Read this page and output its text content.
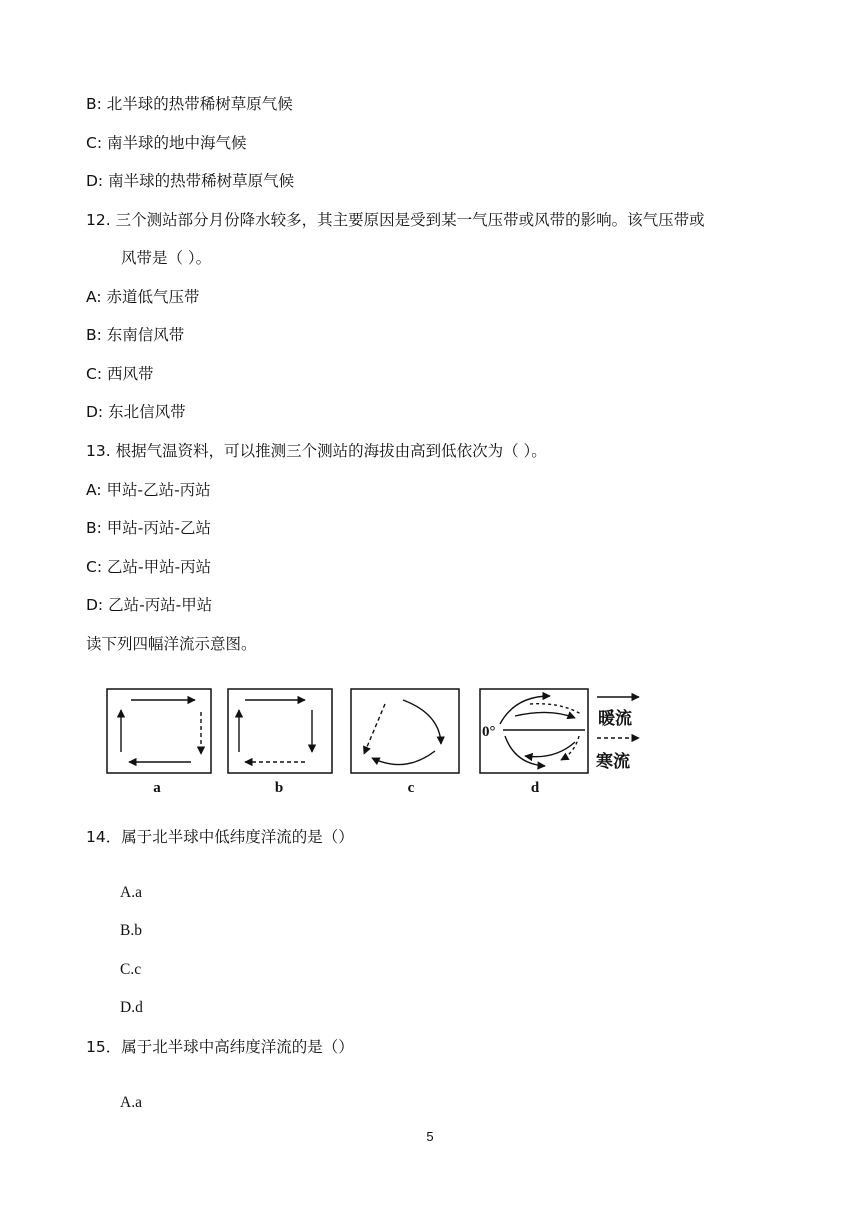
B: 北半球的热带稀树草原气候
C: 南半球的地中海气候
D: 南半球的热带稀树草原气候
12. 三个测站部分月份降水较多，其主要原因是受到某一气压带或风带的影响。该气压带或
风带是（ ）。
A: 赤道低气压带
B: 东南信风带
C: 西风带
D: 东北信风带
13. 根据气温资料，可以推测三个测站的海拔由高到低依次为（ ）。
A: 甲站-乙站-丙站
B: 甲站-丙站-乙站
C: 乙站-甲站-丙站
D: 乙站-丙站-甲站
读下列四幅洋流示意图。
0°
暖流
寒流
a	b	c	d
14．属于北半球中低纬度洋流的是（）
A.a
B.b
C.c
D.d
15．属于北半球中高纬度洋流的是（）
A.a
5
